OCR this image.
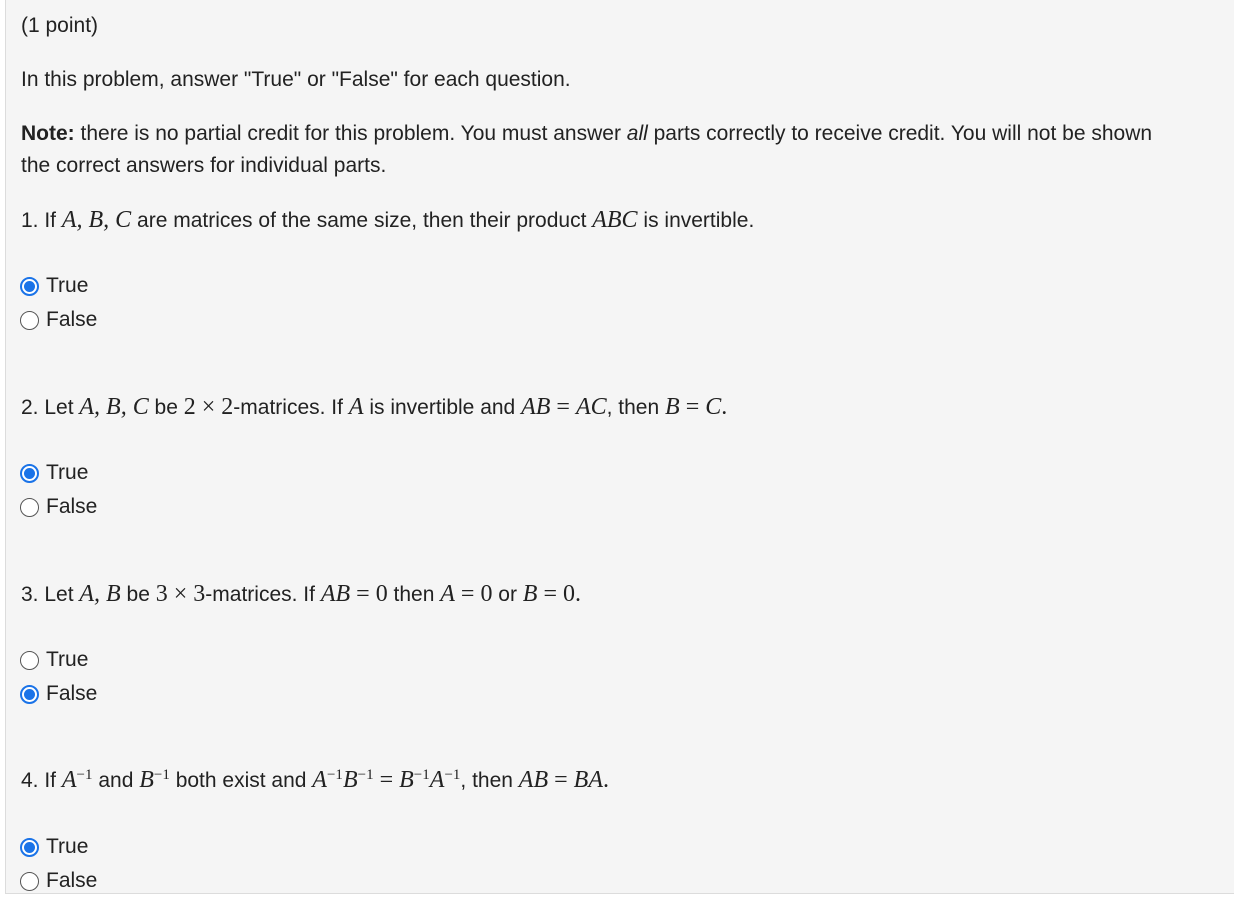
(1 point)
In this problem, answer "True" or "False" for each question.
Note: there is no partial credit for this problem. You must answer all parts correctly to receive credit. You will not be shown
the correct answers for individual parts.
1. If A, B, C are matrices of the same size, then their product ABC is invertible.
True
False
2. Let A, B, C be 2 × 2-matrices. If A is invertible and AB = AC, then B = C.
True
False
3. Let A, B be 3 × 3-matrices. If AB = 0 then A = 0 or B = 0.
True
False
4. If $A^{-1}$ and $B^{-1}$ both exist and $A^{-1}B^{-1} = B^{-1}A^{-1}$, then AB = BA.
True
False
